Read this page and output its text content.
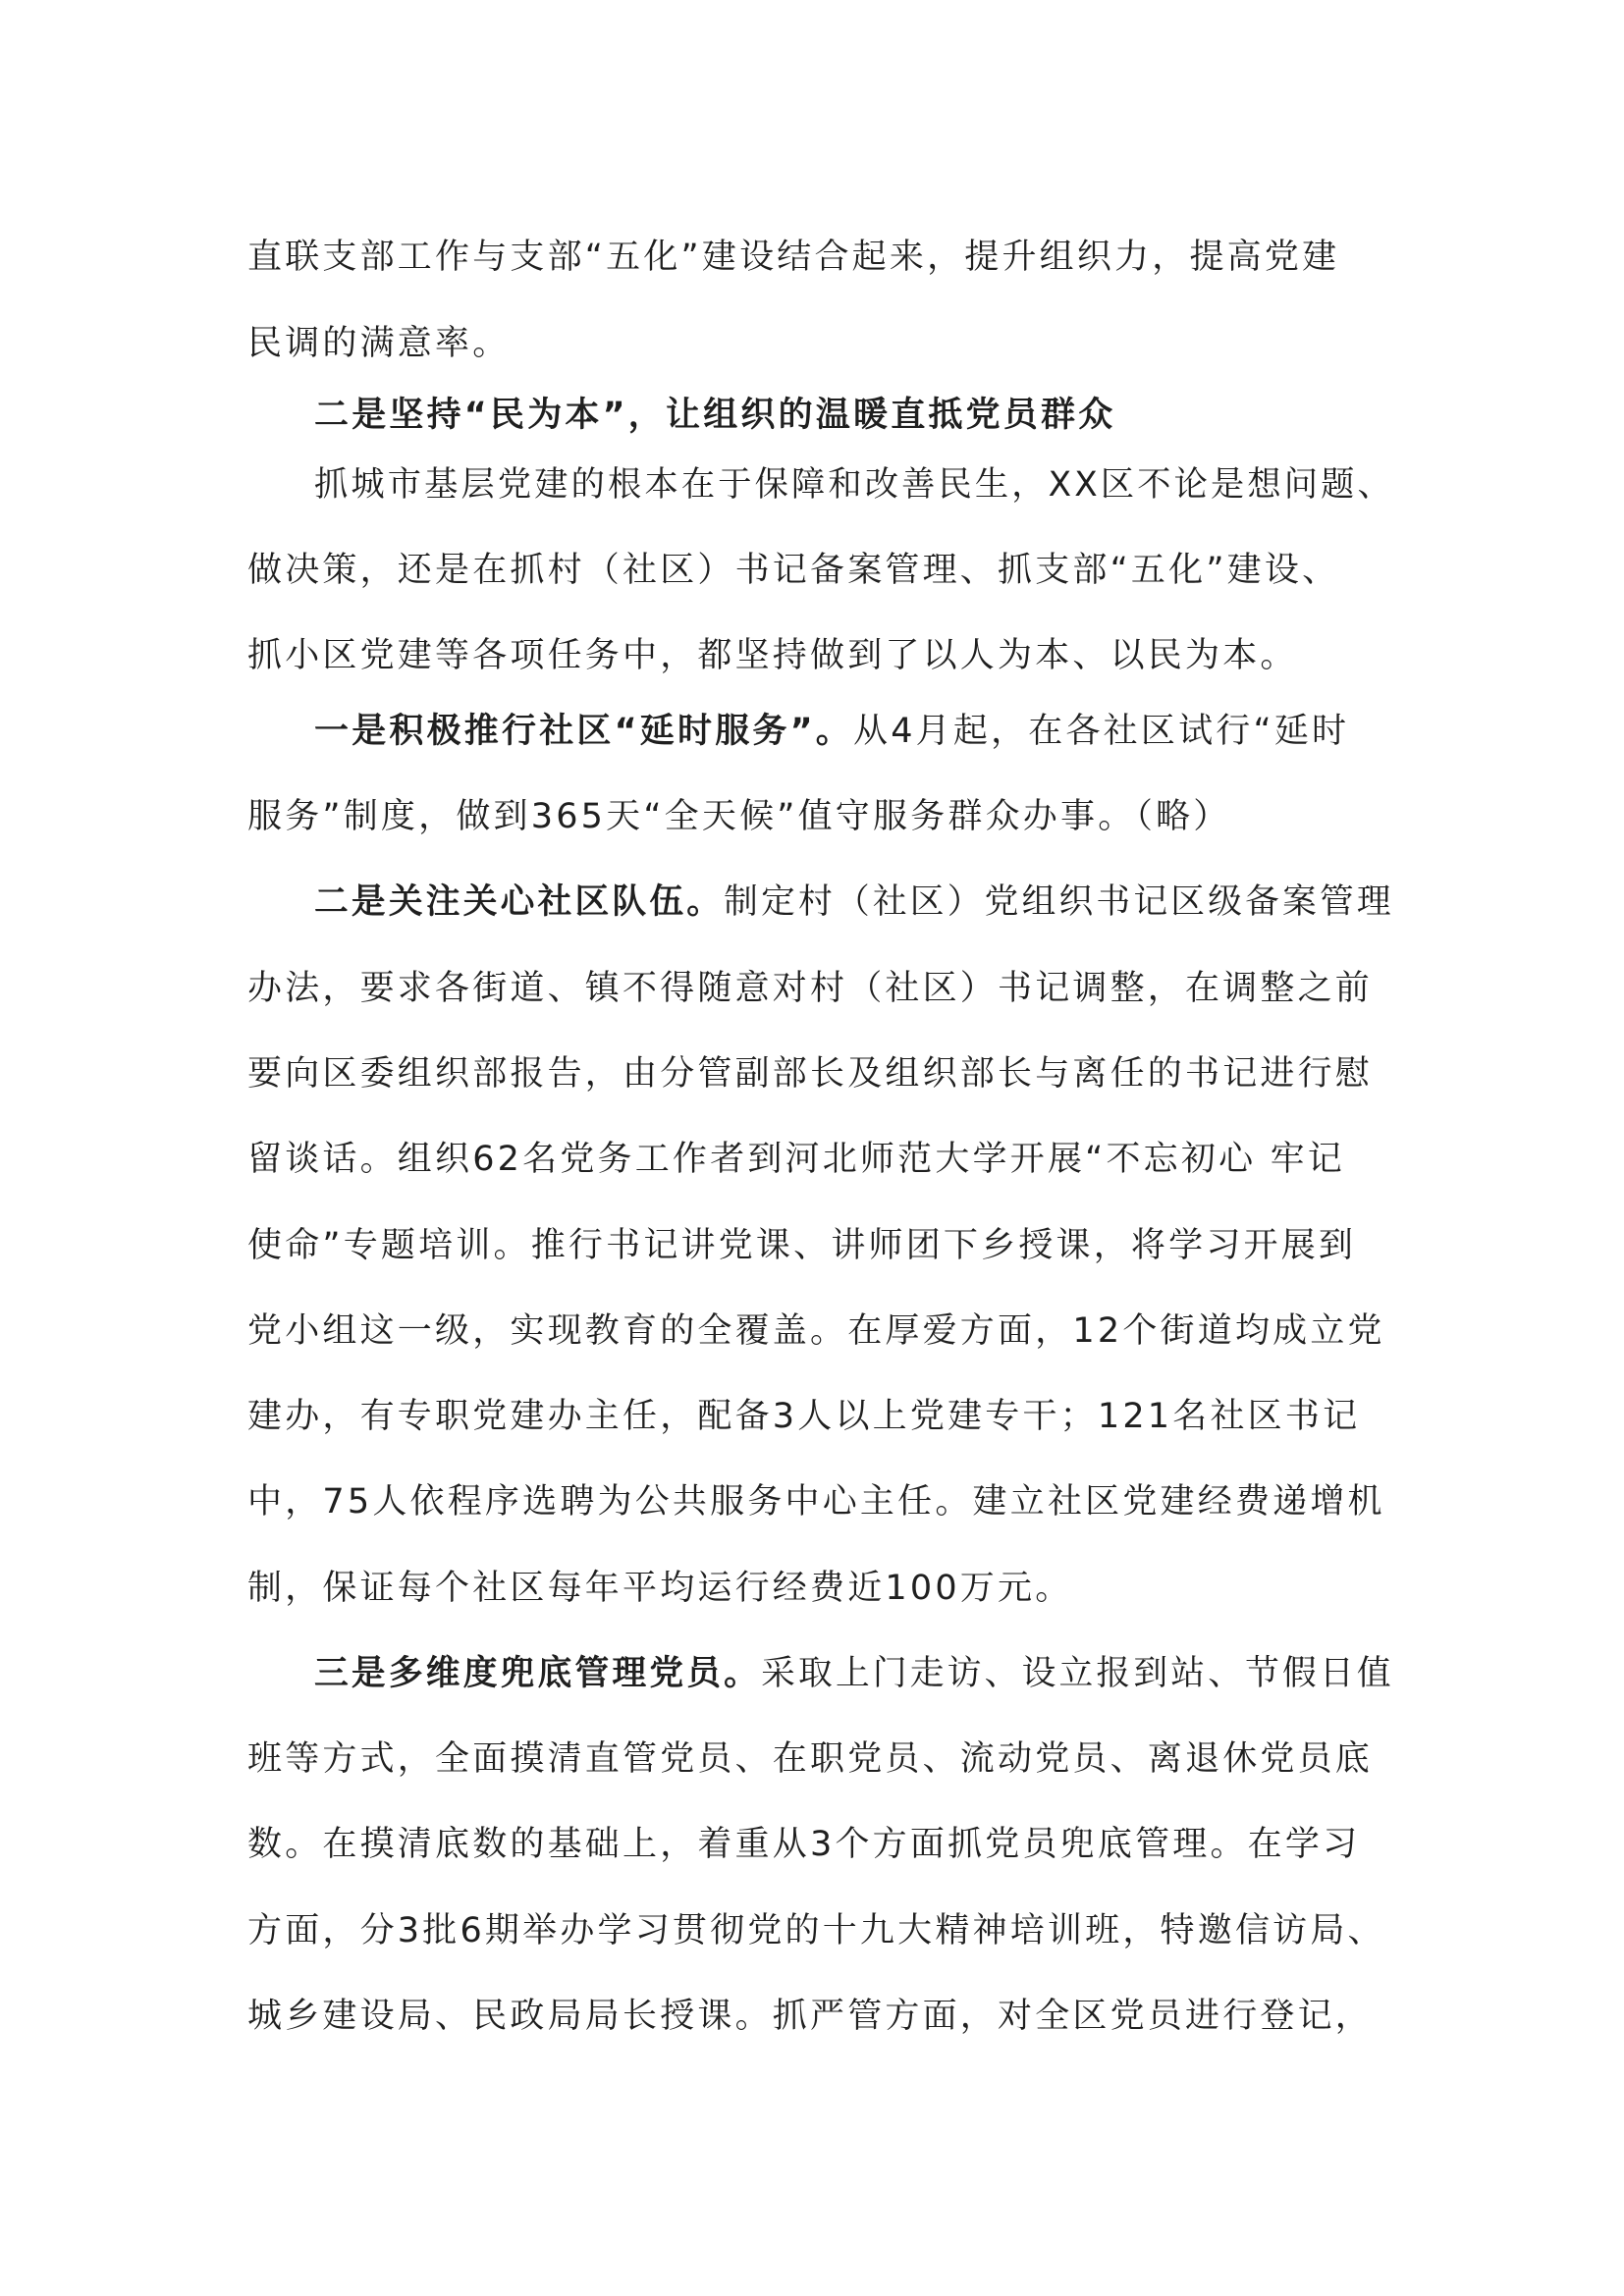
直联支部工作与支部“五化”建设结合起来，提升组织力，提高党建
民调的满意率。
二是坚持“民为本”，让组织的温暖直抵党员群众
抓城市基层党建的根本在于保障和改善民生，XX区不论是想问题、
做决策，还是在抓村（社区）书记备案管理、抓支部“五化”建设、
抓小区党建等各项任务中，都坚持做到了以人为本、以民为本。
一是积极推行社区“延时服务”。从4月起，在各社区试行“延时
服务”制度，做到365天“全天候”值守服务群众办事。（略）
二是关注关心社区队伍。制定村（社区）党组织书记区级备案管理
办法，要求各街道、镇不得随意对村（社区）书记调整，在调整之前
要向区委组织部报告，由分管副部长及组织部长与离任的书记进行慰
留谈话。组织62名党务工作者到河北师范大学开展“不忘初心 牢记
使命”专题培训。推行书记讲党课、讲师团下乡授课，将学习开展到
党小组这一级，实现教育的全覆盖。在厚爱方面，12个街道均成立党
建办，有专职党建办主任，配备3人以上党建专干；121名社区书记
中，75人依程序选聘为公共服务中心主任。建立社区党建经费递增机
制，保证每个社区每年平均运行经费近100万元。
三是多维度兜底管理党员。采取上门走访、设立报到站、节假日值
班等方式，全面摸清直管党员、在职党员、流动党员、离退休党员底
数。在摸清底数的基础上，着重从3个方面抓党员兜底管理。在学习
方面，分3批6期举办学习贯彻党的十九大精神培训班，特邀信访局、
城乡建设局、民政局局长授课。抓严管方面，对全区党员进行登记，
